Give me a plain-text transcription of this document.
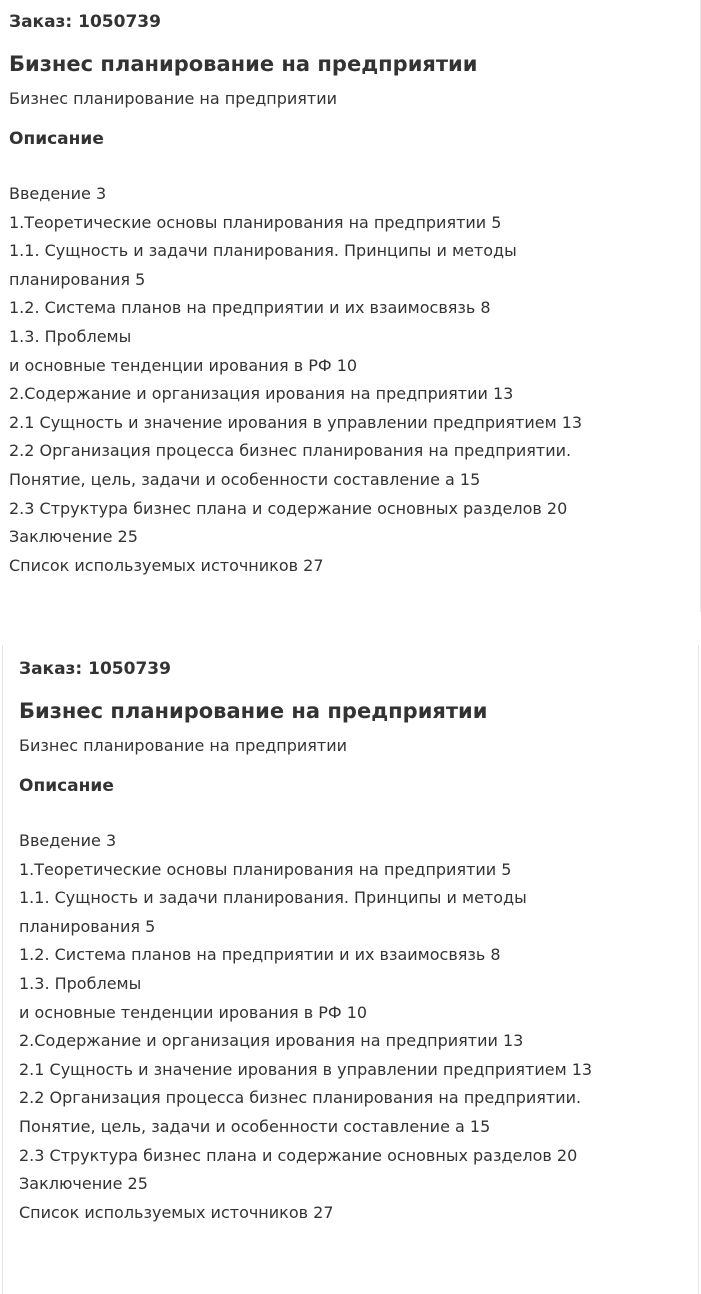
Заказ: 1050739
Бизнес планирование на предприятии
Бизнес планирование на предприятии
Описание
Введение 3
1.Теоретические основы планирования на предприятии 5
1.1. Сущность и задачи планирования. Принципы и методы
планирования 5
1.2. Система планов на предприятии и их взаимосвязь 8
1.3. Проблемы
и основные тенденции ирования в РФ 10
2.Содержание и организация ирования на предприятии 13
2.1 Сущность и значение ирования в управлении предприятием 13
2.2 Организация процесса бизнес планирования на предприятии.
Понятие, цель, задачи и особенности составление а 15
2.3 Структура бизнес плана и содержание основных разделов 20
Заключение 25
Список используемых источников 27
Заказ: 1050739
Бизнес планирование на предприятии
Бизнес планирование на предприятии
Описание
Введение 3
1.Теоретические основы планирования на предприятии 5
1.1. Сущность и задачи планирования. Принципы и методы
планирования 5
1.2. Система планов на предприятии и их взаимосвязь 8
1.3. Проблемы
и основные тенденции ирования в РФ 10
2.Содержание и организация ирования на предприятии 13
2.1 Сущность и значение ирования в управлении предприятием 13
2.2 Организация процесса бизнес планирования на предприятии.
Понятие, цель, задачи и особенности составление а 15
2.3 Структура бизнес плана и содержание основных разделов 20
Заключение 25
Список используемых источников 27
